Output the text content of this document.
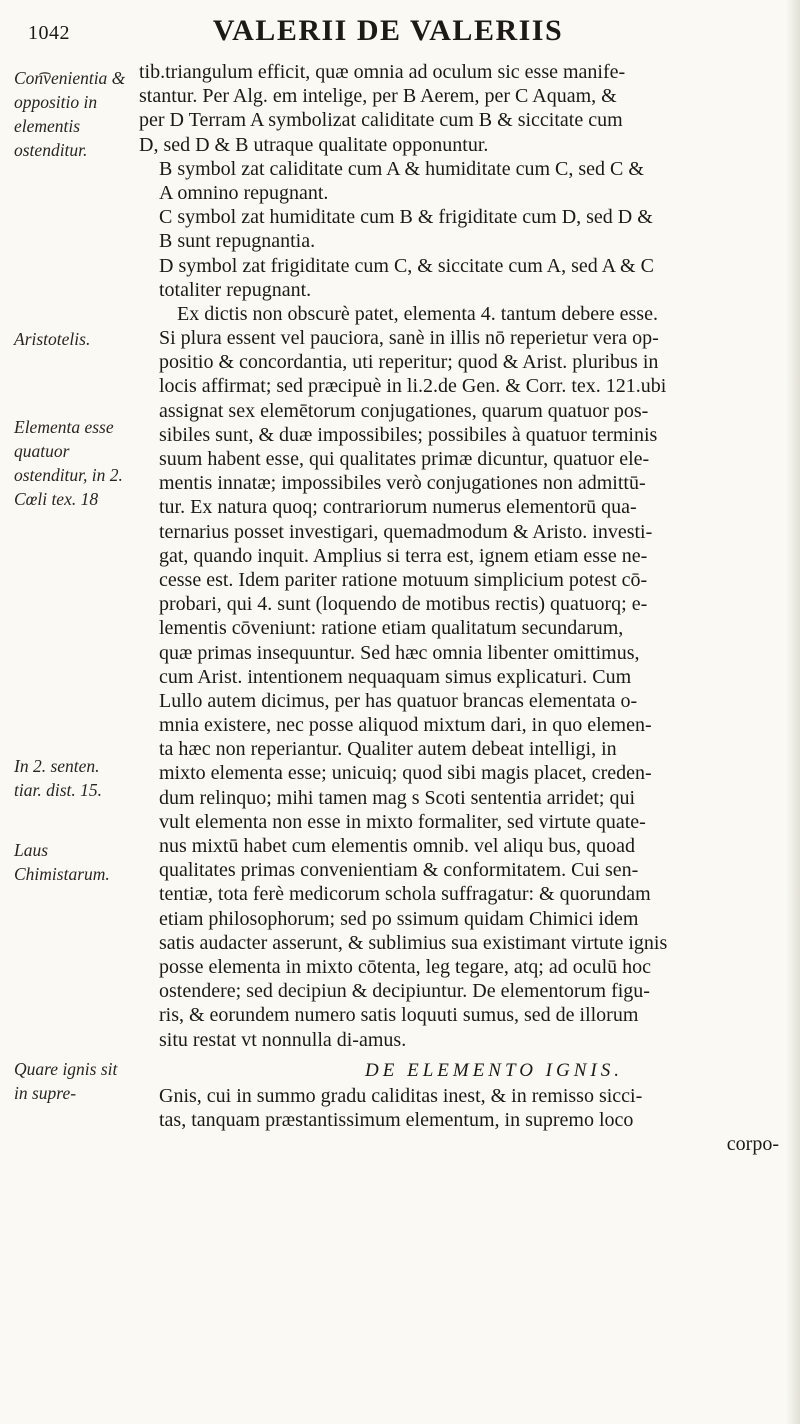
1042	VALERII DE VALERIIS

Con͡venientia & oppositio in elementis ostenditur.

Aristotelis.

Elementa esse quatuor ostenditur, in 2. Cœli tex. 18

In 2. senten. tiar. dist. 15.

Laus Chimistarum.

Quare ignis sit in supre-

tib.triangulum efficit, quæ omnia ad oculum sic esse manife-
stantur. Per Alg. em intelige, per B Aerem, per C Aquam, &
per D Terram A symbolizat caliditate cum B & siccitate cum
D, sed D & B utraque qualitate opponuntur.
B symbol zat caliditate cum A & humiditate cum C, sed C &
A omnino repugnant.
C symbol zat humiditate cum B & frigiditate cum D, sed D &
B sunt repugnantia.
D symbol zat frigiditate cum C, & siccitate cum A, sed A & C
totaliter repugnant.
Ex dictis non obscurè patet, elementa 4. tantum debere esse.
Si plura essent vel pauciora, sanè in illis nō reperietur vera op-
positio & concordantia, uti reperitur; quod & Arist. pluribus in
locis affirmat; sed præcipuè in li.2.de Gen. & Corr. tex. 121.ubi
assignat sex elemētorum conjugationes, quarum quatuor pos-
sibiles sunt, & duæ impossibiles; possibiles à quatuor terminis
suum habent esse, qui qualitates primæ dicuntur, quatuor ele-
mentis innatæ; impossibiles verò conjugationes non admittū-
tur. Ex natura quoq; contrariorum numerus elementorū qua-
ternarius posset investigari, quemadmodum & Aristo. investi-
gat, quando inquit. Amplius si terra est, ignem etiam esse ne-
cesse est. Idem pariter ratione motuum simplicium potest cō-
probari, qui 4. sunt (loquendo de motibus rectis) quatuorq; e-
lementis cōveniunt: ratione etiam qualitatum secundarum,
quæ primas insequuntur. Sed hæc omnia libenter omittimus,
cum Arist. intentionem nequaquam simus explicaturi. Cum
Lullo autem dicimus, per has quatuor brancas elementata o-
mnia existere, nec posse aliquod mixtum dari, in quo elemen-
ta hæc non reperiantur. Qualiter autem debeat intelligi, in
mixto elementa esse; unicuiq; quod sibi magis placet, creden-
dum relinquo; mihi tamen mag s Scoti sententia arridet; qui
vult elementa non esse in mixto formaliter, sed virtute quate-
nus mixtū habet cum elementis omnib. vel aliqu bus, quoad
qualitates primas convenientiam & conformitatem. Cui sen-
tentiæ, tota ferè medicorum schola suffragatur: & quorundam
etiam philosophorum; sed po ssimum quidam Chimici idem
satis audacter asserunt, & sublimius sua existimant virtute ignis
posse elementa in mixto cōtenta, leg tegare, atq; ad oculū hoc
ostendere; sed decipiun & decipiuntur. De elementorum figu-
ris, & eorundem numero satis loquuti sumus, sed de illorum
situ restat vt nonnulla di-amus.
DE ELEMENTO IGNIS.
Gnis, cui in summo gradu caliditas inest, & in remisso sicci-
tas, tanquam præstantissimum elementum, in supremo loco
corpo-
